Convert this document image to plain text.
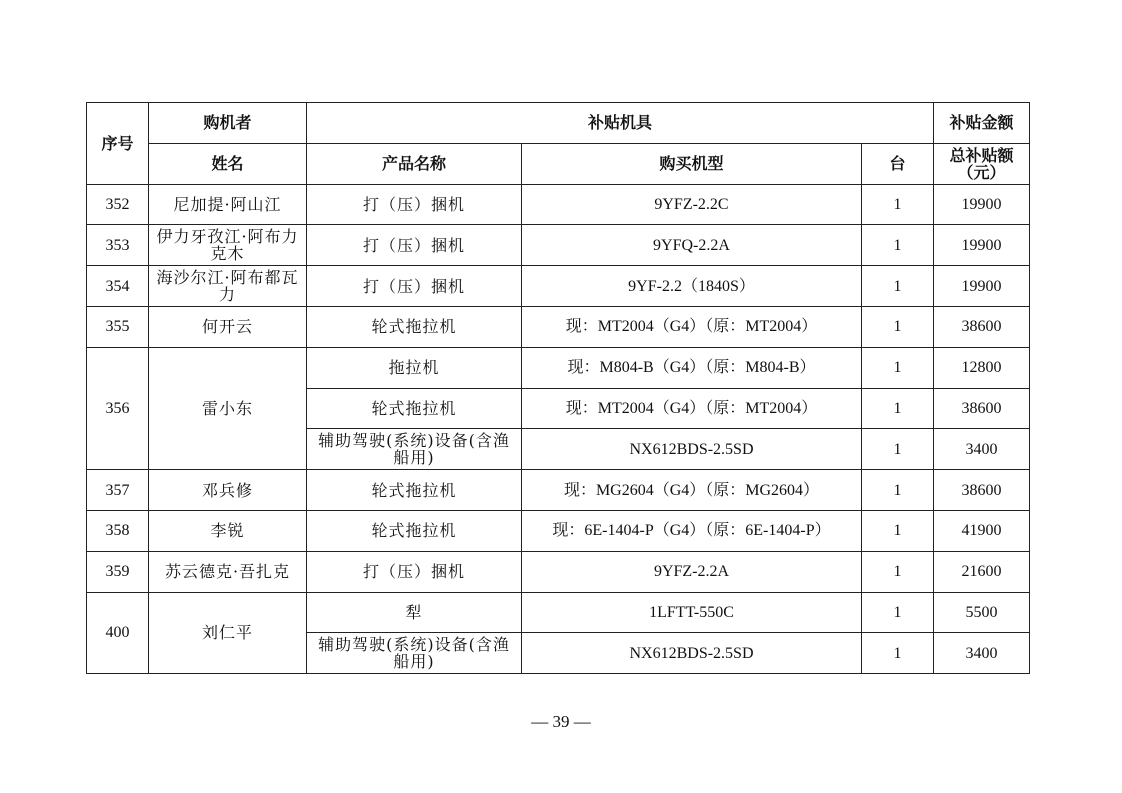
序号	购机者	补贴机具			补贴金额
	姓名	产品名称	购买机型	台	总补贴额
（元）

352	尼加提·阿山江	打（压）捆机	9YFZ-2.2C	1	19900
353	伊力牙孜江·阿布力克木	打（压）捆机	9YFQ-2.2A	1	19900
354	海沙尔江·阿布都瓦力	打（压）捆机	9YF-2.2（1840S）	1	19900
355	何开云	轮式拖拉机	现：MT2004（G4）（原：MT2004）	1	38600
356	雷小东	拖拉机	现：M804-B（G4）（原：M804-B）	1	12800
		轮式拖拉机	现：MT2004（G4）（原：MT2004）	1	38600
		辅助驾驶(系统)设备(含渔船用)	NX612BDS-2.5SD	1	3400
357	邓兵修	轮式拖拉机	现：MG2604（G4）（原：MG2604）	1	38600
358	李锐	轮式拖拉机	现：6E-1404-P（G4）（原：6E-1404-P）	1	41900
359	苏云德克·吾扎克	打（压）捆机	9YFZ-2.2A	1	21600
400	刘仁平	犁	1LFTT-550C	1	5500
		辅助驾驶(系统)设备(含渔船用)	NX612BDS-2.5SD	1	3400
— 39 —
